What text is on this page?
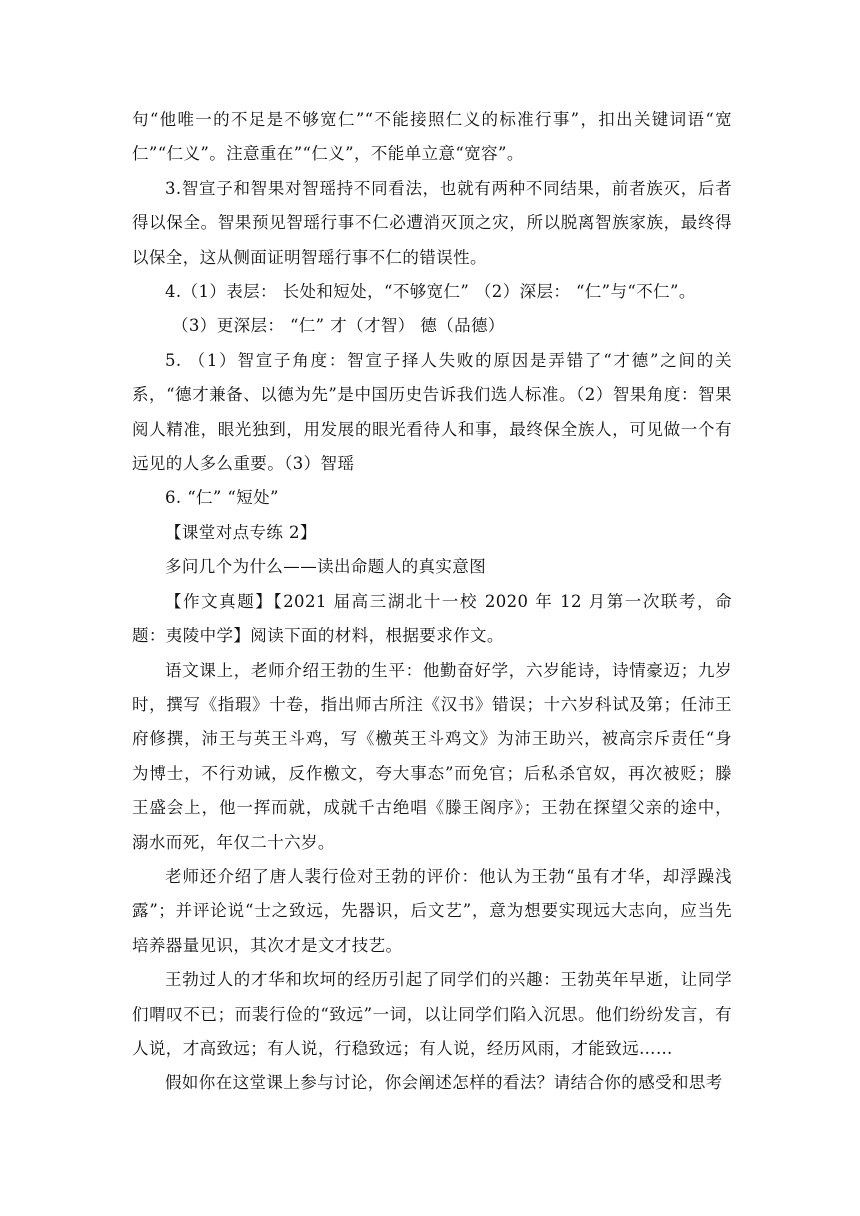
句“他唯一的不足是不够宽仁”“不能接照仁义的标准行事”，扣出关键词语“宽仁”“仁义”。注意重在”“仁义”，不能单立意“宽容”。

3.智宣子和智果对智瑶持不同看法，也就有两种不同结果，前者族灭，后者得以保全。智果预见智瑶行事不仁必遭消灭顶之灾，所以脱离智族家族，最终得以保全，这从侧面证明智瑶行事不仁的错误性。

4.（1）表层： 长处和短处，“不够宽仁” （2）深层： “仁”与“不仁”。

（3）更深层： “仁” 才（才智） 德（品德）

5. （1）智宣子角度：智宣子择人失败的原因是弄错了“才德”之间的关系，“德才兼备、以德为先”是中国历史告诉我们选人标准。（2）智果角度：智果阅人精准，眼光独到，用发展的眼光看待人和事，最终保全族人，可见做一个有远见的人多么重要。（3）智瑶

6. “仁” “短处”

【课堂对点专练 2】

多问几个为什么——读出命题人的真实意图

【作文真题】【2021 届高三湖北十一校 2020 年 12 月第一次联考，命题：夷陵中学】阅读下面的材料，根据要求作文。

语文课上，老师介绍王勃的生平：他勤奋好学，六岁能诗，诗情豪迈；九岁时，撰写《指瑕》十卷，指出师古所注《汉书》错误；十六岁科试及第；任沛王府修撰，沛王与英王斗鸡，写《檄英王斗鸡文》为沛王助兴，被高宗斥责任“身为博士，不行劝诫，反作檄文，夸大事态”而免官；后私杀官奴，再次被贬；滕王盛会上，他一挥而就，成就千古绝唱《滕王阁序》；王勃在探望父亲的途中，溺水而死，年仅二十六岁。

老师还介绍了唐人裴行俭对王勃的评价：他认为王勃“虽有才华，却浮躁浅露”；并评论说“士之致远，先器识，后文艺”，意为想要实现远大志向，应当先培养器量见识，其次才是文才技艺。

王勃过人的才华和坎坷的经历引起了同学们的兴趣：王勃英年早逝，让同学们喟叹不已；而裴行俭的“致远”一词，以让同学们陷入沉思。他们纷纷发言，有人说，才高致远；有人说，行稳致远；有人说，经历风雨，才能致远……

假如你在这堂课上参与讨论，你会阐述怎样的看法？请结合你的感受和思考
